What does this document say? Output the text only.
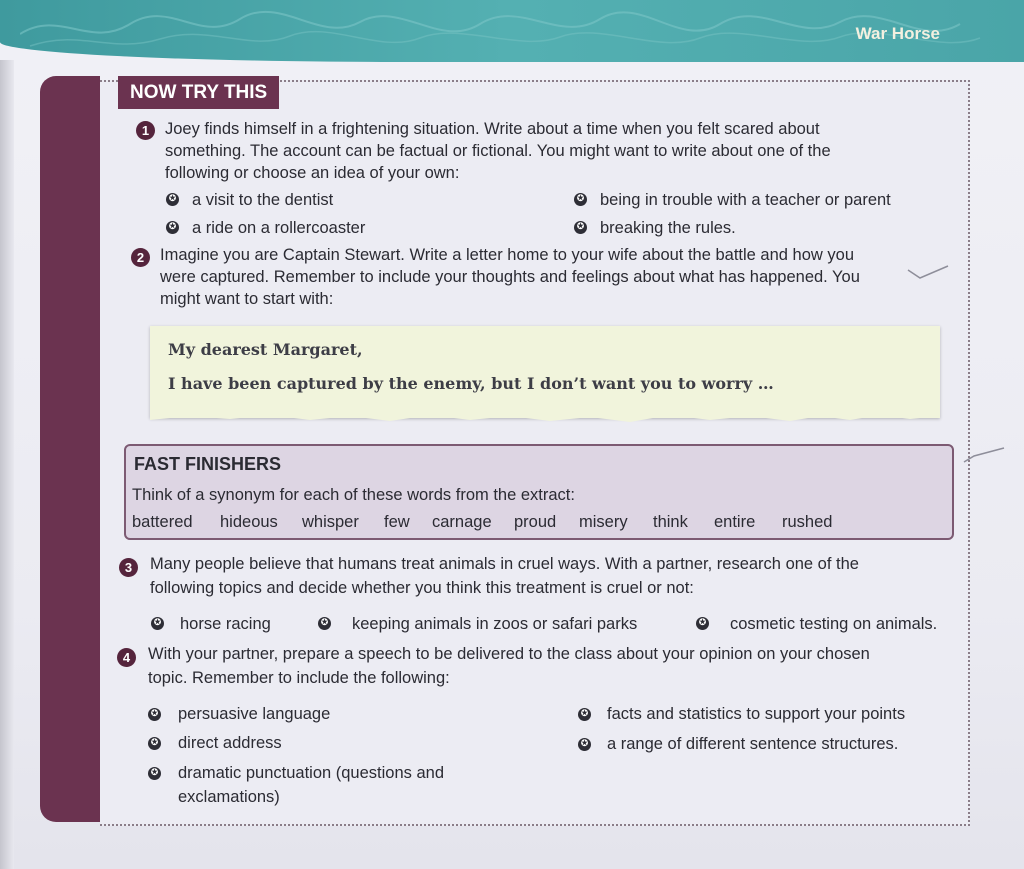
War Horse
NOW TRY THIS
1 Joey finds himself in a frightening situation. Write about a time when you felt scared about

something. The account can be factual or fictional. You might want to write about one of the

following or choose an idea of your own:

✪ a visit to the dentist	✪ being in trouble with a teacher or parent

✪ a ride on a rollercoaster	✪ breaking the rules.

2 Imagine you are Captain Stewart. Write a letter home to your wife about the battle and how you

were captured. Remember to include your thoughts and feelings about what has happened. You

might want to start with:

My dearest Margaret,

I have been captured by the enemy, but I don’t want you to worry …

FAST FINISHERS

Think of a synonym for each of these words from the extract:

battered hideous whisper few carnage proud misery think entire rushed
3	Many people believe that humans treat animals in cruel ways. With a partner, research one of the

following topics and decide whether you think this treatment is cruel or not:

✪ horse racing	✪ keeping animals in zoos or safari parks	✪ cosmetic testing on animals.

4	With your partner, prepare a speech to be delivered to the class about your opinion on your chosen

topic. Remember to include the following:

✪ persuasive language	✪ facts and statistics to support your points

✪ direct address	✪ a range of different sentence structures.

✪ dramatic punctuation (questions and

exclamations)
